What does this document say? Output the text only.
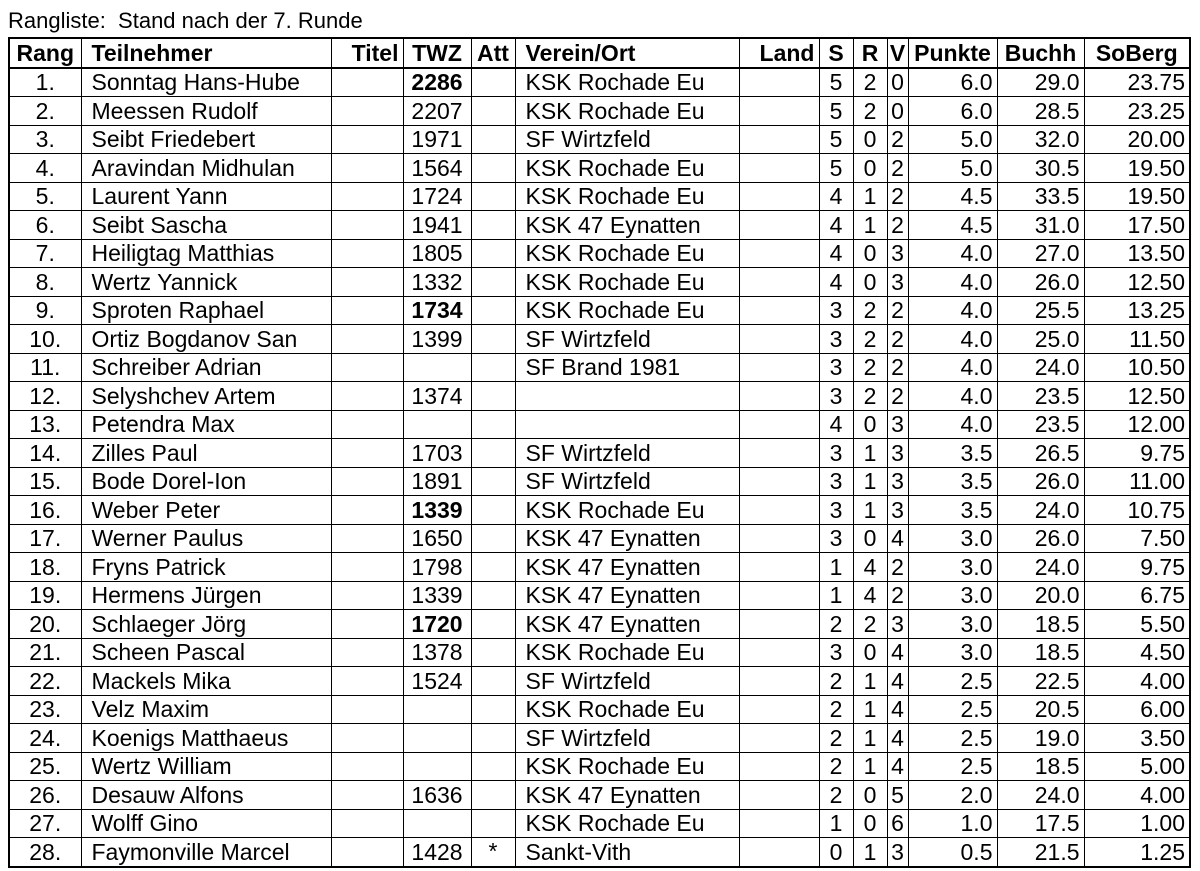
Rangliste:  Stand nach der 7. Runde
Rang	Teilnehmer	Titel	TWZ	Att	Verein/Ort	Land	S	R	V	Punkte	Buchh	SoBerg
1.	Sonntag Hans-Hube		2286		KSK Rochade Eu		5	2	0	6.0	29.0	23.75
2.	Meessen Rudolf		2207		KSK Rochade Eu		5	2	0	6.0	28.5	23.25
3.	Seibt Friedebert		1971		SF Wirtzfeld		5	0	2	5.0	32.0	20.00
4.	Aravindan Midhulan		1564		KSK Rochade Eu		5	0	2	5.0	30.5	19.50
5.	Laurent Yann		1724		KSK Rochade Eu		4	1	2	4.5	33.5	19.50
6.	Seibt Sascha		1941		KSK 47 Eynatten		4	1	2	4.5	31.0	17.50
7.	Heiligtag Matthias		1805		KSK Rochade Eu		4	0	3	4.0	27.0	13.50
8.	Wertz Yannick		1332		KSK Rochade Eu		4	0	3	4.0	26.0	12.50
9.	Sproten Raphael		1734		KSK Rochade Eu		3	2	2	4.0	25.5	13.25
10.	Ortiz Bogdanov San		1399		SF Wirtzfeld		3	2	2	4.0	25.0	11.50
11.	Schreiber Adrian				SF Brand 1981		3	2	2	4.0	24.0	10.50
12.	Selyshchev Artem		1374				3	2	2	4.0	23.5	12.50
13.	Petendra Max						4	0	3	4.0	23.5	12.00
14.	Zilles Paul		1703		SF Wirtzfeld		3	1	3	3.5	26.5	9.75
15.	Bode Dorel-Ion		1891		SF Wirtzfeld		3	1	3	3.5	26.0	11.00
16.	Weber Peter		1339		KSK Rochade Eu		3	1	3	3.5	24.0	10.75
17.	Werner Paulus		1650		KSK 47 Eynatten		3	0	4	3.0	26.0	7.50
18.	Fryns Patrick		1798		KSK 47 Eynatten		1	4	2	3.0	24.0	9.75
19.	Hermens Jürgen		1339		KSK 47 Eynatten		1	4	2	3.0	20.0	6.75
20.	Schlaeger Jörg		1720		KSK 47 Eynatten		2	2	3	3.0	18.5	5.50
21.	Scheen Pascal		1378		KSK Rochade Eu		3	0	4	3.0	18.5	4.50
22.	Mackels Mika		1524		SF Wirtzfeld		2	1	4	2.5	22.5	4.00
23.	Velz Maxim				KSK Rochade Eu		2	1	4	2.5	20.5	6.00
24.	Koenigs Matthaeus				SF Wirtzfeld		2	1	4	2.5	19.0	3.50
25.	Wertz William				KSK Rochade Eu		2	1	4	2.5	18.5	5.00
26.	Desauw Alfons		1636		KSK 47 Eynatten		2	0	5	2.0	24.0	4.00
27.	Wolff Gino				KSK Rochade Eu		1	0	6	1.0	17.5	1.00
28.	Faymonville Marcel		1428	*	Sankt-Vith		0	1	3	0.5	21.5	1.25
